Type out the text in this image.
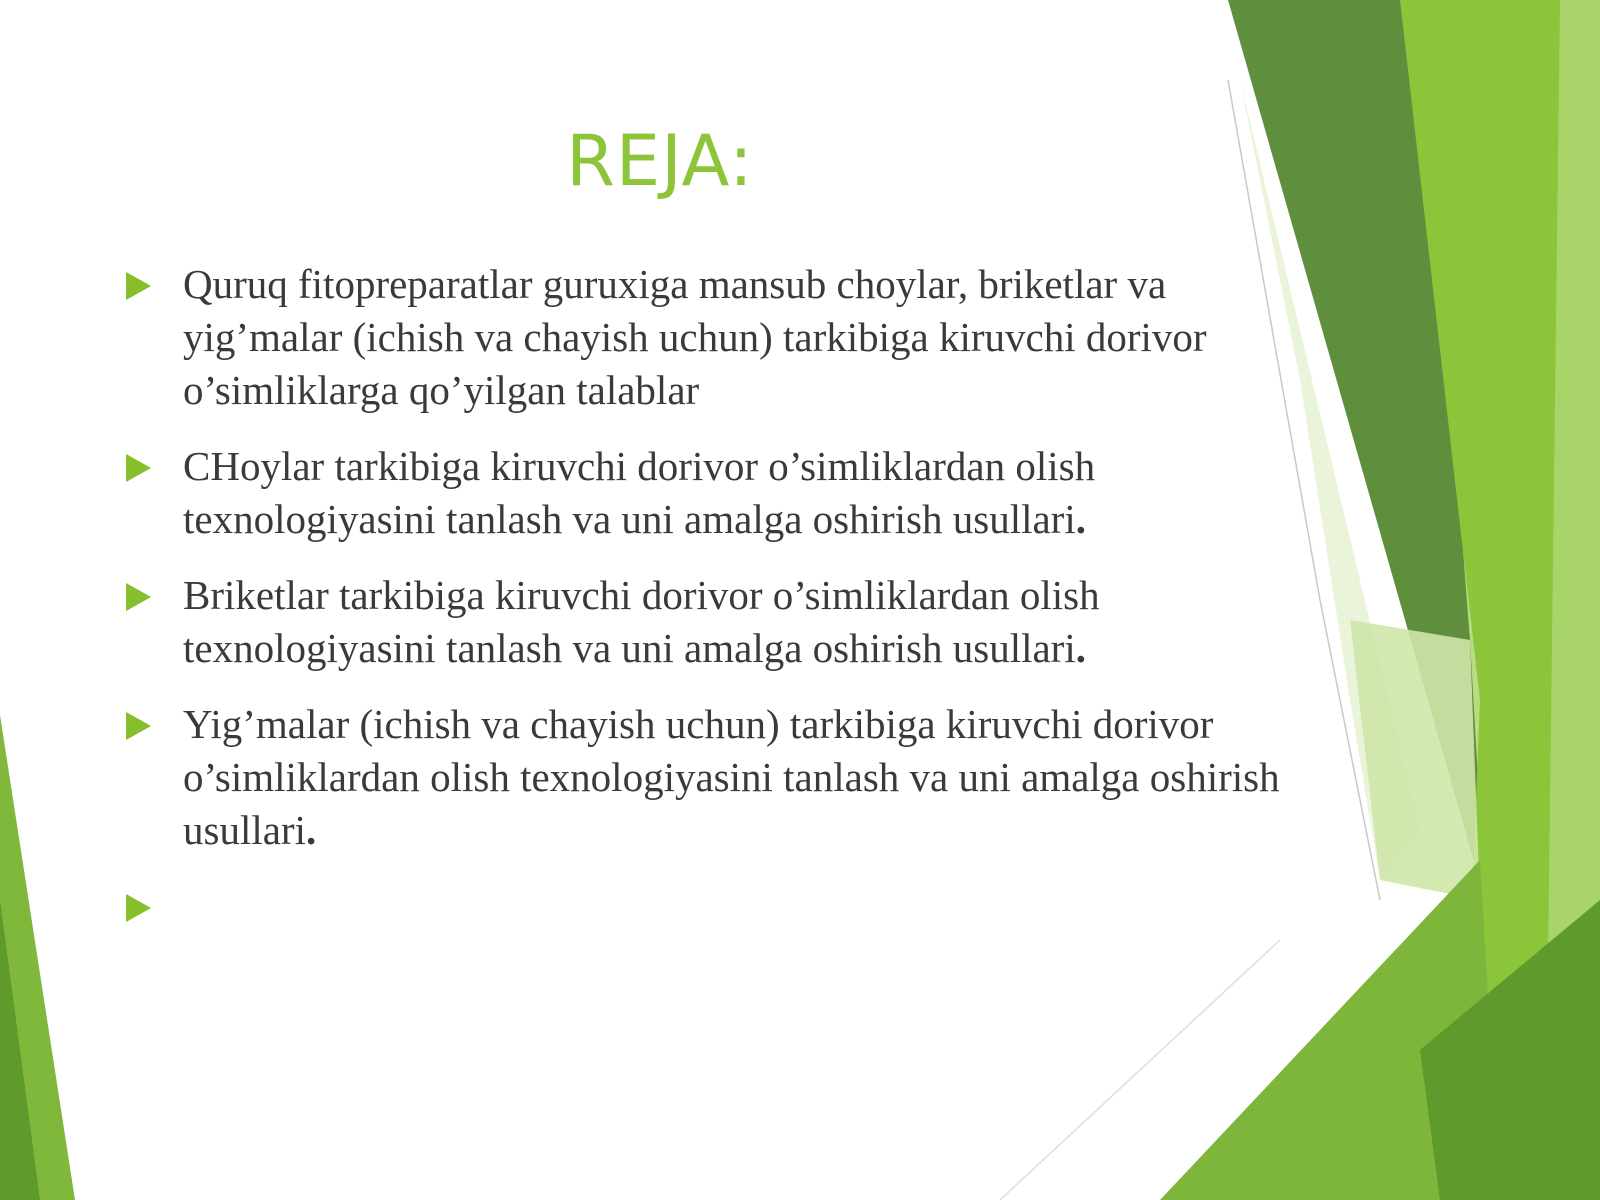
REJA:
Quruq fitopreparatlar guruxiga mansub choylar, briketlar va yig’malar (ichish va chayish uchun) tarkibiga kiruvchi dorivor o’simliklarga qo’yilgan talablar
CHoylar tarkibiga kiruvchi dorivor o’simliklardan olish texnologiyasini tanlash va uni amalga oshirish usullari.
Briketlar tarkibiga kiruvchi dorivor o’simliklardan olish texnologiyasini tanlash va uni amalga oshirish usullari.
Yig’malar (ichish va chayish uchun) tarkibiga kiruvchi dorivor o’simliklardan olish texnologiyasini tanlash va uni amalga oshirish usullari.
